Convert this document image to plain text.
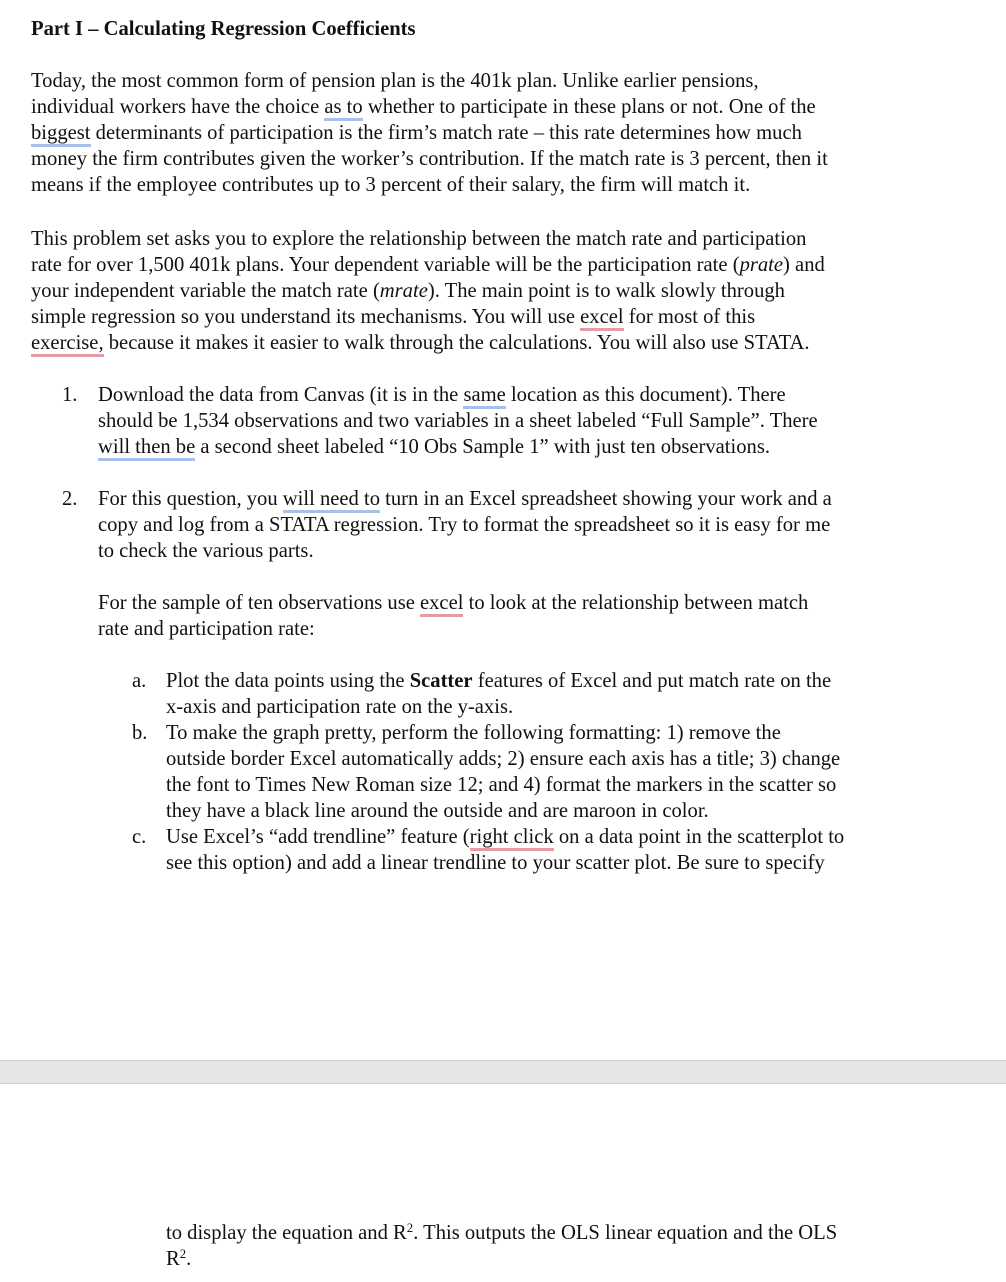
Part I – Calculating Regression Coefficients
Today, the most common form of pension plan is the 401k plan. Unlike earlier pensions,
individual workers have the choice as to whether to participate in these plans or not. One of the
biggest determinants of participation is the firm’s match rate – this rate determines how much
money the firm contributes given the worker’s contribution. If the match rate is 3 percent, then it
means if the employee contributes up to 3 percent of their salary, the firm will match it.
This problem set asks you to explore the relationship between the match rate and participation
rate for over 1,500 401k plans. Your dependent variable will be the participation rate (prate) and
your independent variable the match rate (mrate). The main point is to walk slowly through
simple regression so you understand its mechanisms. You will use excel for most of this
exercise, because it makes it easier to walk through the calculations. You will also use STATA.
1. Download the data from Canvas (it is in the same location as this document). There
should be 1,534 observations and two variables in a sheet labeled “Full Sample”. There
will then be a second sheet labeled “10 Obs Sample 1” with just ten observations.
2. For this question, you will need to turn in an Excel spreadsheet showing your work and a
copy and log from a STATA regression. Try to format the spreadsheet so it is easy for me
to check the various parts.
For the sample of ten observations use excel to look at the relationship between match
rate and participation rate:
a. Plot the data points using the Scatter features of Excel and put match rate on the
x-axis and participation rate on the y-axis.
b. To make the graph pretty, perform the following formatting: 1) remove the
outside border Excel automatically adds; 2) ensure each axis has a title; 3) change
the font to Times New Roman size 12; and 4) format the markers in the scatter so
they have a black line around the outside and are maroon in color.
c. Use Excel’s “add trendline” feature (right click on a data point in the scatterplot to
see this option) and add a linear trendline to your scatter plot. Be sure to specify
to display the equation and $R^2$. This outputs the OLS linear equation and the OLS
$R^2$.
